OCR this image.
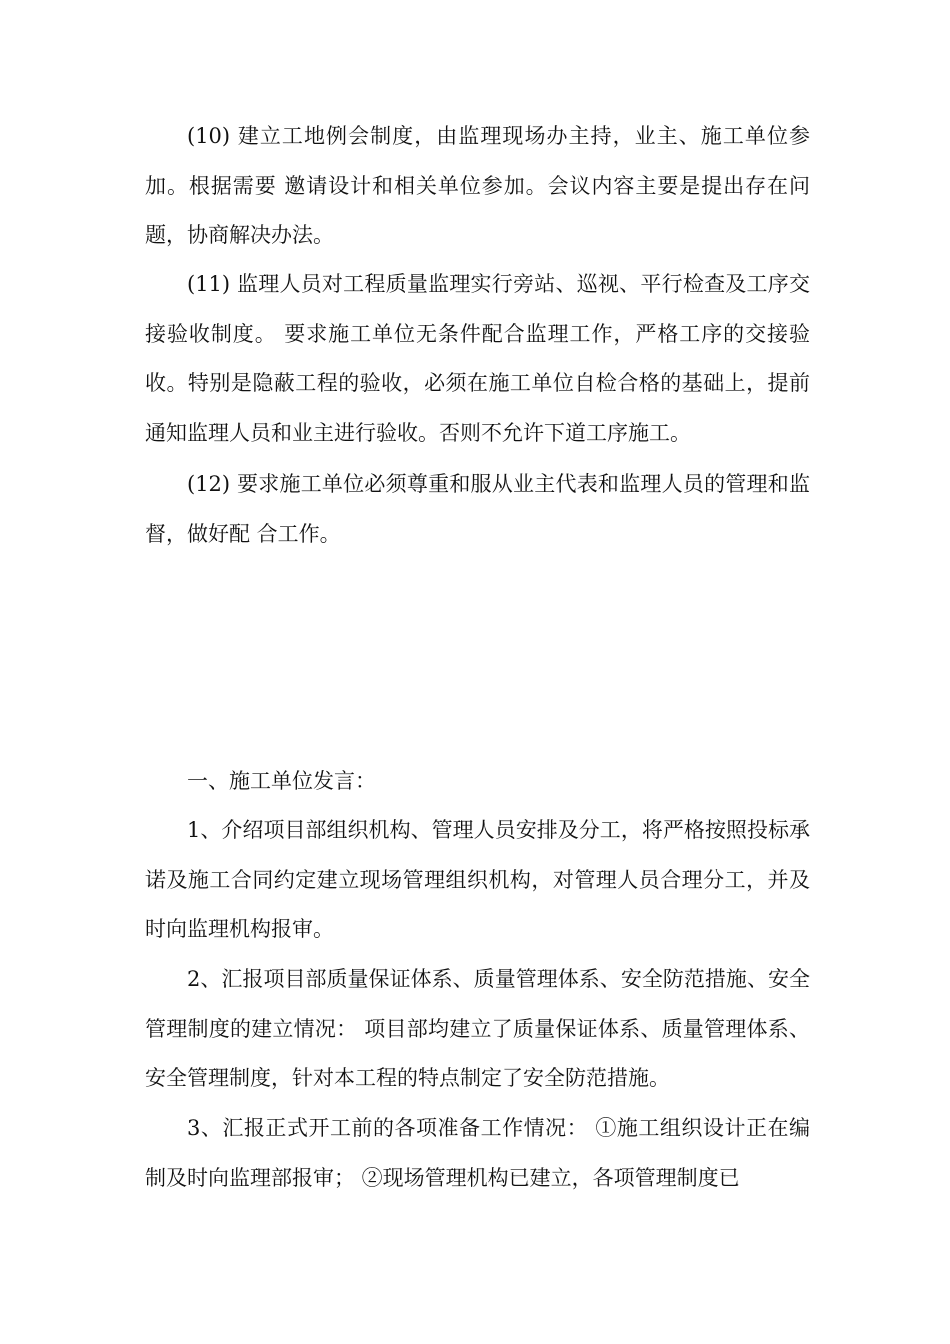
(10) 建立工地例会制度，由监理现场办主持，业主、施工单位参加。根据需要 邀请设计和相关单位参加。会议内容主要是提出存在问题，协商解决办法。

(11) 监理人员对工程质量监理实行旁站、巡视、平行检查及工序交接验收制度。 要求施工单位无条件配合监理工作，严格工序的交接验收。特别是隐蔽工程的验收，必须在施工单位自检合格的基础上，提前通知监理人员和业主进行验收。否则不允许下道工序施工。

(12) 要求施工单位必须尊重和服从业主代表和监理人员的管理和监督，做好配 合工作。

一、施工单位发言：

1、介绍项目部组织机构、管理人员安排及分工，将严格按照投标承诺及施工合同约定建立现场管理组织机构，对管理人员合理分工，并及时向监理机构报审。

2、汇报项目部质量保证体系、质量管理体系、安全防范措施、安全管理制度的建立情况： 项目部均建立了质量保证体系、质量管理体系、安全管理制度，针对本工程的特点制定了安全防范措施。

3、汇报正式开工前的各项准备工作情况： ①施工组织设计正在编制及时向监理部报审； ②现场管理机构已建立，各项管理制度已
